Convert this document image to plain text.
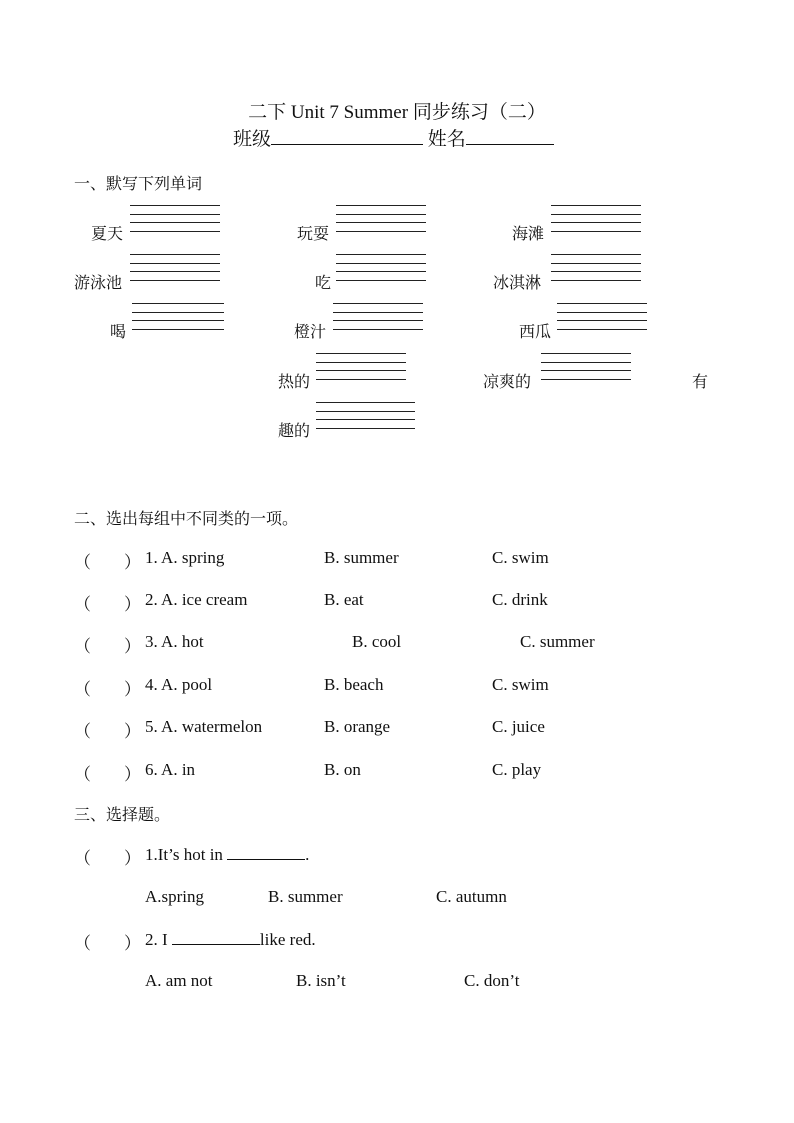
二下 Unit 7 Summer 同步练习（二）
班级	姓名
一、默写下列单词
夏天	玩耍	海滩
游泳池	吃	冰淇淋
喝	橙汁	西瓜
热的	凉爽的	有
趣的
二、选出每组中不同类的一项。
（ ） 1. A. spring	B. summer	C. swim
（ ） 2. A. ice cream	B. eat	C. drink
（ ） 3. A. hot	B. cool	C. summer
（ ） 4. A. pool	B. beach	C. swim
（ ） 5. A. watermelon	B. orange	C. juice
（ ） 6. A. in	B. on	C. play
三、选择题。
（ ） 1.It’s hot in	.
A.spring	B. summer	C. autumn
（ ） 2. I	like red.
A. am not	B. isn’t	C. don’t
